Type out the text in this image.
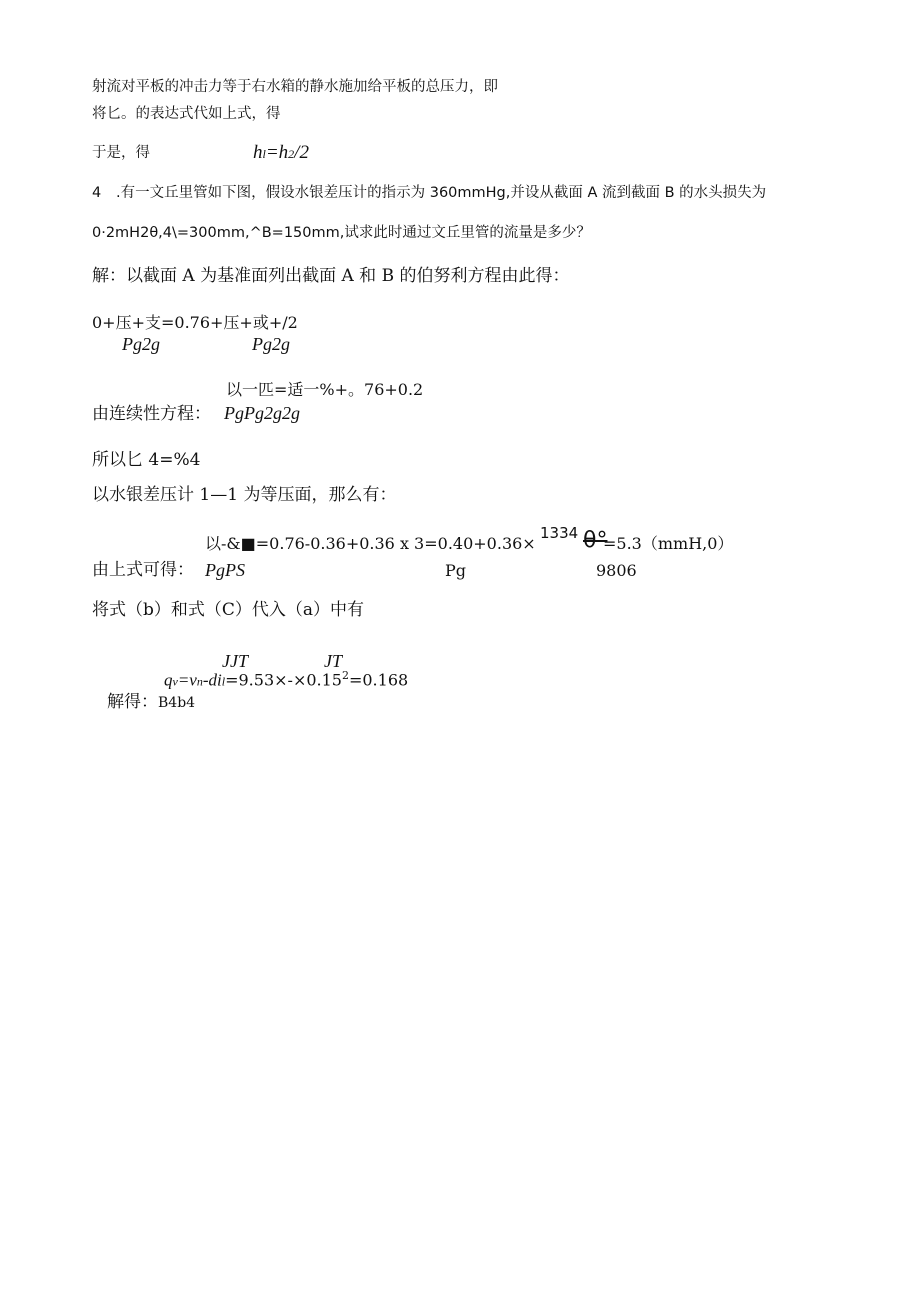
射流对平板的冲击力等于右水箱的静水施加给平板的总压力，即
将匕。的表达式代如上式，得
于是，得	hl=h2/2
4 .有一文丘里管如下图，假设水银差压计的指示为 360mmHg,并设从截面 A 流到截面 B 的水头损失为
0·2mH2θ,4\=300mm,^B=150mm,试求此时通过文丘里管的流量是多少？
解：以截面 A 为基准面列出截面 A 和 B 的伯努利方程由此得：
0+压+支=0.76+压+或+/2
Pg2g	Pg2g
以一匹=适一%+。76+0.2
由连续性方程： PgPg2g2g
所以匕 4=%4
以水银差压计 1—1 为等压面，那么有：
以-&■=0.76-0.36+0.36 x 3=0.40+0.36×
1334 θ°
=5.3（mmH,0）
由上式可得： PgPS	Pg	9806
将式（b）和式（C）代入（a）中有
JJT	JT
$qv=vn-dil=9.53\times-\times 0.15^2=0.168$
解得：B4b4
